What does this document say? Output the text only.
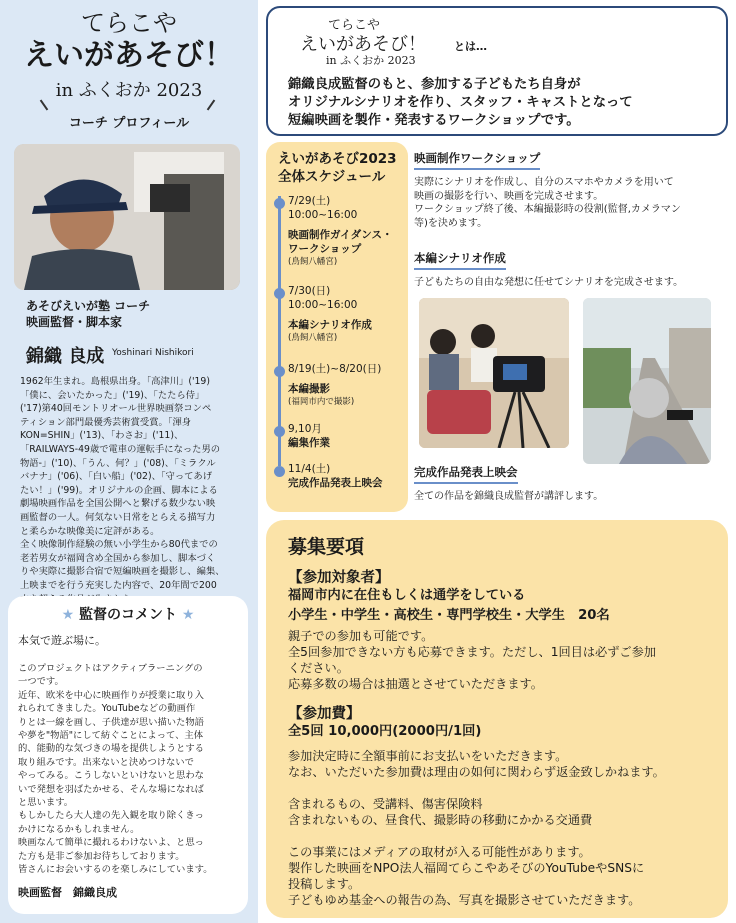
てらこや
えいがあそび！
in ふくおか 2023
コーチ プロフィール
あそびえいが塾 コーチ
映画監督・脚本家
錦織 良成 Yoshinari Nishikori
1962年生まれ。島根県出身。「高津川」('19)
「僕に、会いたかった」('19)、「たたら侍」
('17)第40回モントリオール世界映画祭コンペ
ティション部門最優秀芸術賞受賞。「渾身
KON=SHIN」('13)、「わさお」('11)、
「RAILWAYS-49歳で電車の運転手になった男の
物語-」('10)、「うん、何？」('08)、「ミラクル
バナナ」('06)、「白い船」('02)、「守ってあげ
たい！」('99)。オリジナルの企画、脚本による
劇場映画作品を全国公開へと繋げる数少ない映
画監督の一人。何気ない日常をとらえる描写力
と柔らかな映像美に定評がある。
全く映像制作経験の無い小学生から80代までの
老若男女が福岡含め全国から参加し、脚本づく
りや実際に撮影合宿で短編映画を撮影し、編集、
上映までを行う充実した内容で、20年間で200
★ 監督のコメント ★
本気で遊ぶ場に。
このプロジェクトはアクティブラーニングの
一つです。
近年、欧米を中心に映画作りが授業に取り入
れられてきました。YouTubeなどの動画作
りとは一線を画し、子供達が思い描いた物語
や夢を"物語"にして紡ぐことによって、主体
的、能動的な気づきの場を提供しようとする
取り組みです。出来ないと決めつけないで
やってみる。こうしないといけないと思わな
いで発想を羽ばたかせる、そんな場になれば
と思います。
もしかしたら大人達の先入観を取り除くきっ
かけになるかもしれません。
映画なんて簡単に撮れるわけないよ、と思っ
た方も是非ご参加お待ちしております。
皆さんにお会いするのを楽しみにしています。
映画監督　錦織良成
てらこや
えいがあそび！
in ふくおか 2023
とは…
錦織良成監督のもと、参加する子どもたち自身が
オリジナルシナリオを作り、スタッフ・キャストとなって
短編映画を製作・発表するワークショップです。
えいがあそび2023
全体スケジュール
7/29(土)
10:00~16:00
映画制作ガイダンス・
ワークショップ
(鳥飼八幡宮)
7/30(日)
10:00~16:00
本編シナリオ作成
(鳥飼八幡宮)
8/19(土)~8/20(日)
本編撮影
(福岡市内で撮影)
9,10月
編集作業
11/4(土)
完成作品発表上映会
映画制作ワークショップ
実際にシナリオを作成し、自分のスマホやカメラを用いて
映画の撮影を行い、映画を完成させます。
ワークショップ終了後、本編撮影時の役割(監督,カメラマン
等)を決めます。
本編シナリオ作成
子どもたちの自由な発想に任せてシナリオを完成させます。
完成作品発表上映会
全ての作品を錦織良成監督が講評します。
募集要項
【参加対象者】
福岡市内に在住もしくは通学をしている
小学生・中学生・高校生・専門学校生・大学生　20名
親子での参加も可能です。
全5回参加できない方も応募できます。ただし、1回目は必ずご参加
ください。
応募多数の場合は抽選とさせていただきます。
【参加費】
全5回 10,000円(2000円/1回)
参加決定時に全額事前にお支払いをいただきます。
なお、いただいた参加費は理由の如何に関わらず返金致しかねます。
含まれるもの、受講料、傷害保険料
含まれないもの、昼食代、撮影時の移動にかかる交通費
この事業にはメディアの取材が入る可能性があります。
製作した映画をNPO法人福岡てらこやあそびのYouTubeやSNSに
投稿します。
子どもゆめ基金への報告の為、写真を撮影させていただきます。
